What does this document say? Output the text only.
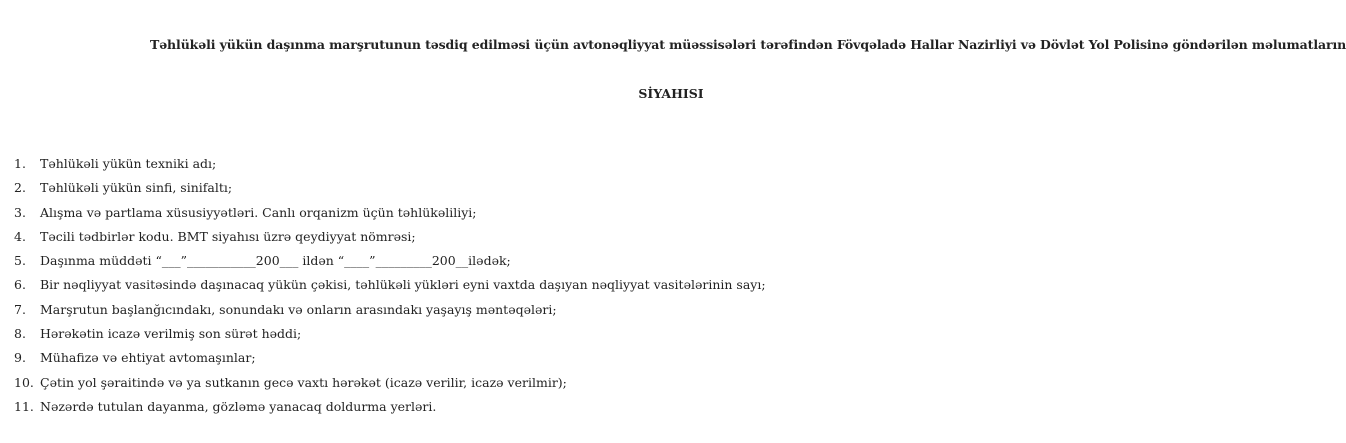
Təhlükəli yükün daşınma marşrutunun təsdiq edilməsi üçün avtonəqliyyat müəssisələri tərəfindən Fövqəladə Hallar Nazirliyi və Dövlət Yol Polisinə göndərilən məlumatların
SİYAHISI
1.	Təhlükəli yükün texniki adı;
2.	Təhlükəli yükün sinfi, sinifaltı;
3.	Alışma və partlama xüsusiyyətləri. Canlı orqanizm üçün təhlükəliliyi;
4.	Təcili tədbirlər kodu. BMT siyahısı üzrə qeydiyyat nömrəsi;
5.	Daşınma müddəti “___”___________200___ ildən “____”_________200__ilədək;
6.	Bir nəqliyyat vasitəsində daşınacaq yükün çəkisi, təhlükəli yükləri eyni vaxtda daşıyan nəqliyyat vasitələrinin sayı;
7.	Marşrutun başlanğıcındakı, sonundakı və onların arasındakı yaşayış məntəqələri;
8.	Hərəkətin icazə verilmiş son sürət həddi;
9.	Mühafizə və ehtiyat avtomaşınlar;
10. Çətin yol şəraitində və ya sutkanın gecə vaxtı hərəkət (icazə verilir, icazə verilmir);
11. Nəzərdə tutulan dayanma, gözləmə yanacaq doldurma yerləri.
